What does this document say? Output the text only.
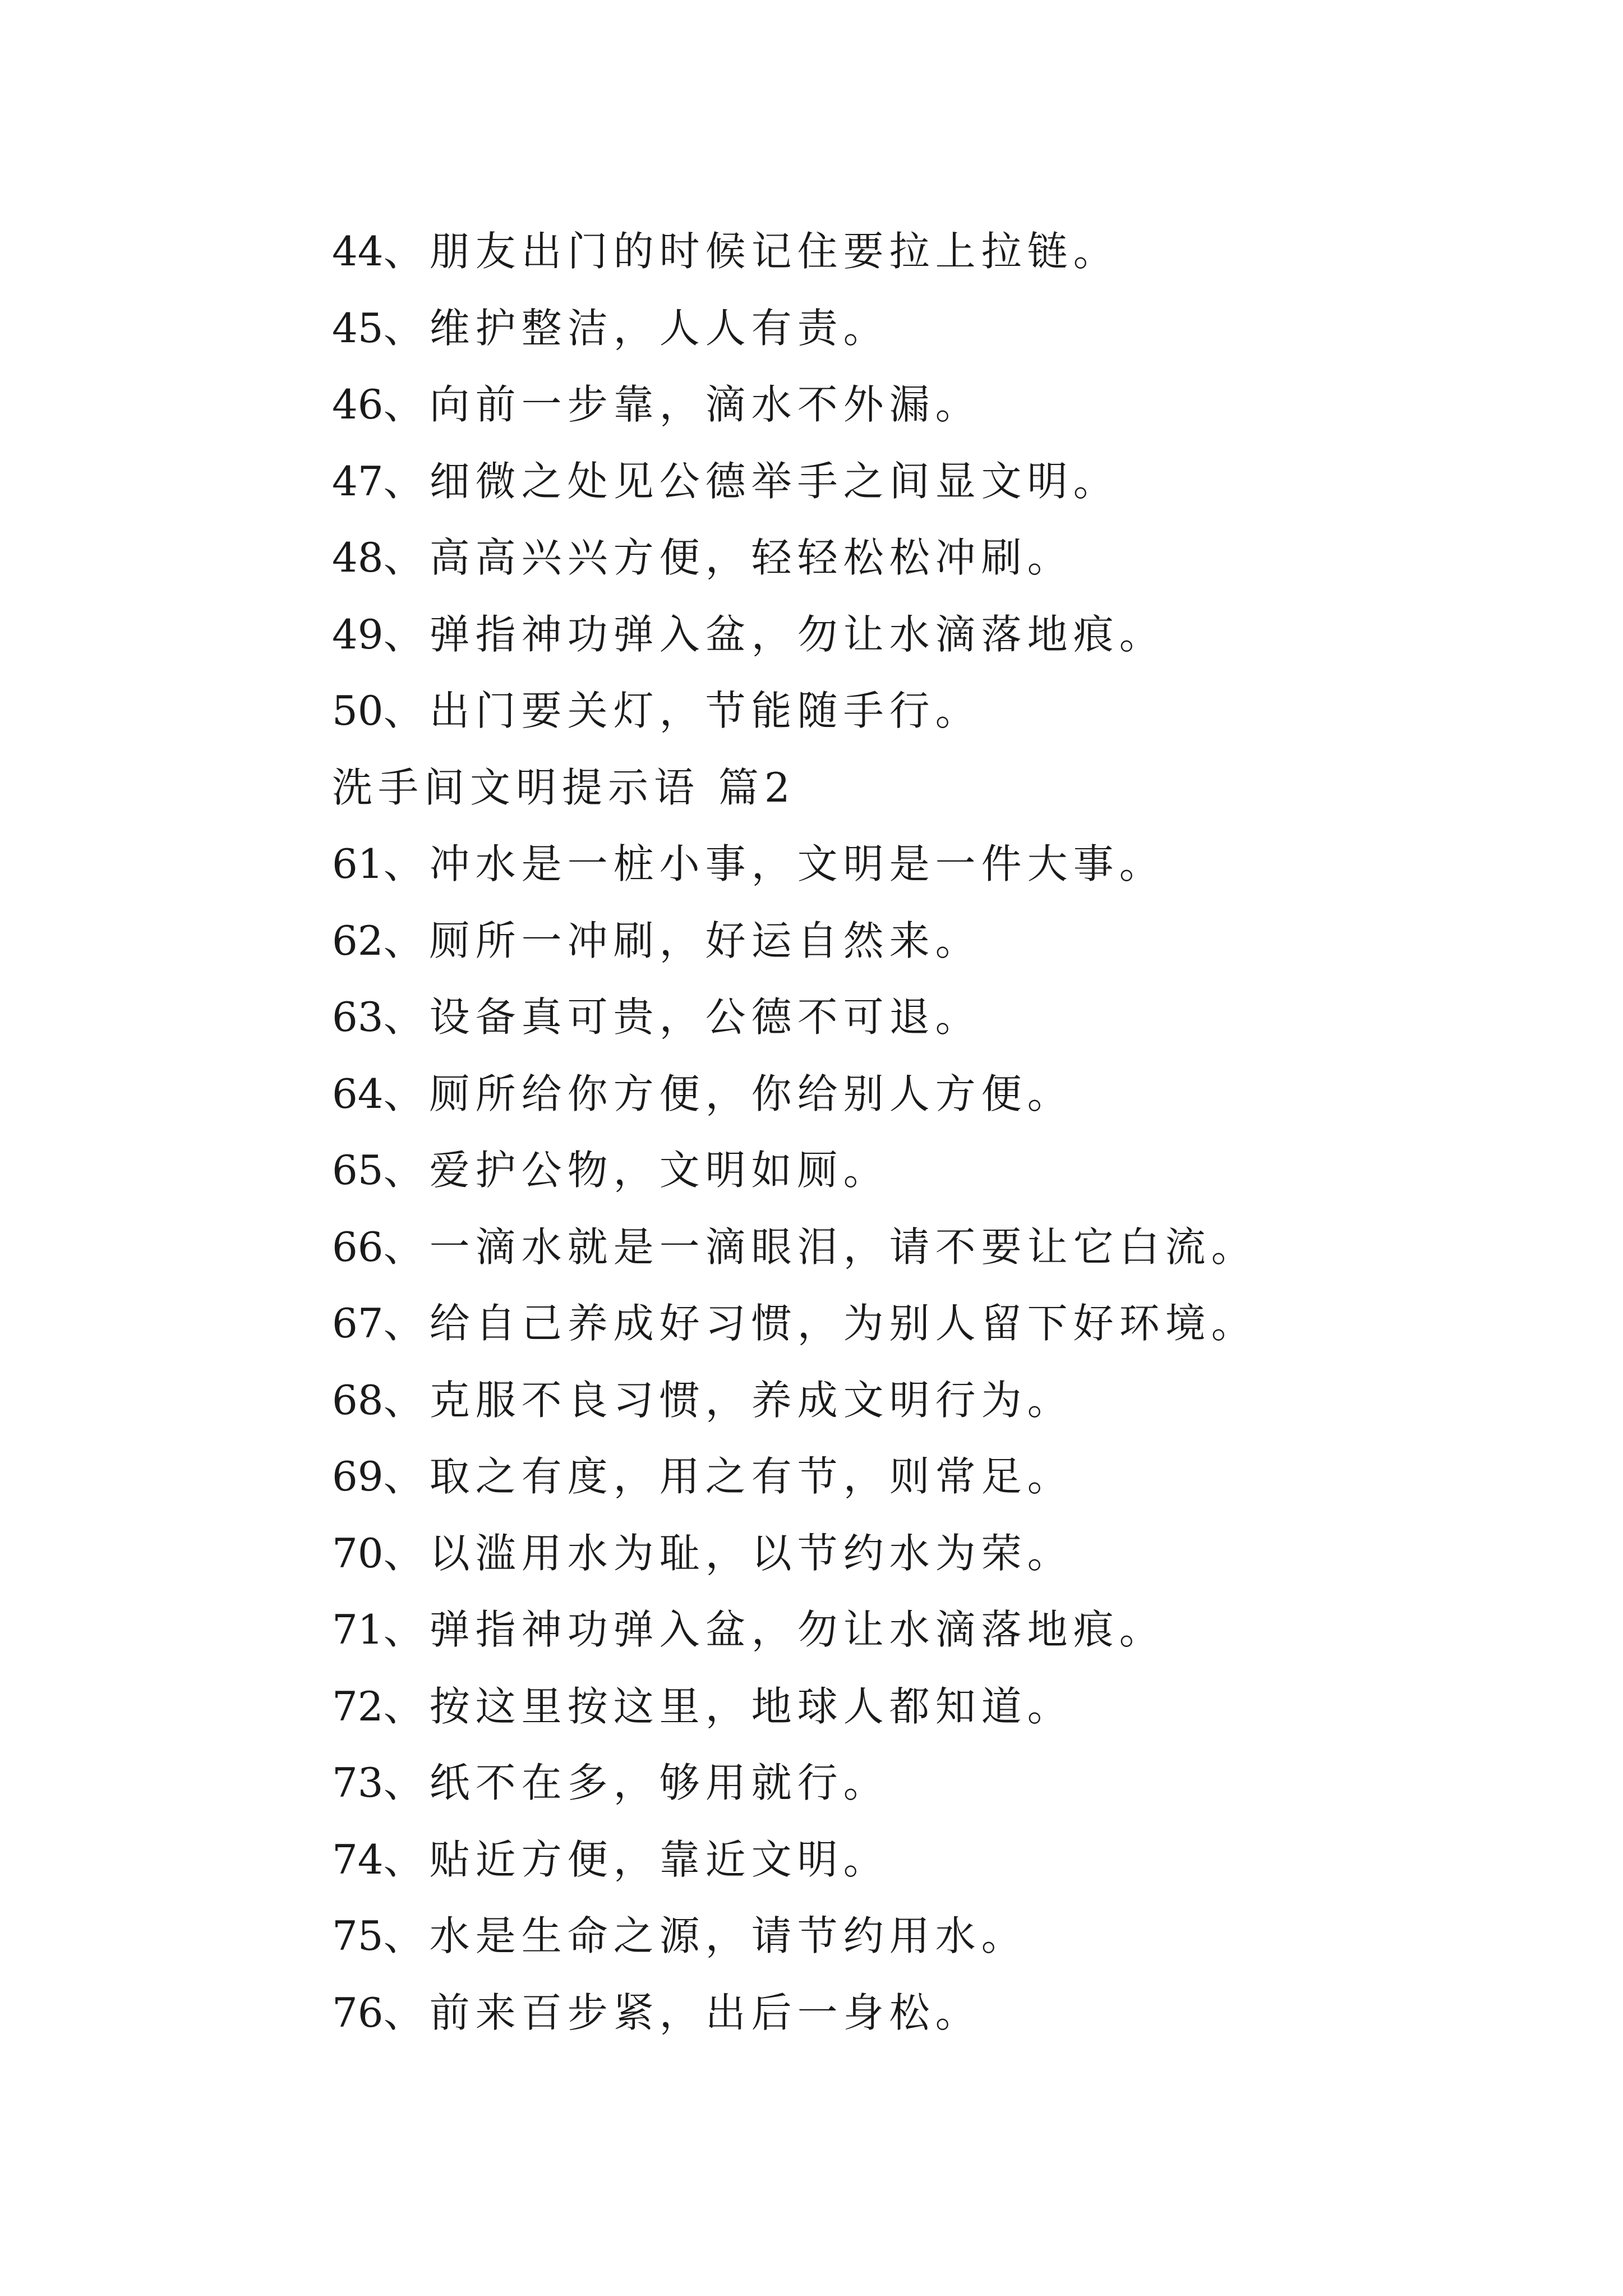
44、朋友出门的时候记住要拉上拉链。
45、维护整洁，人人有责。
46、向前一步靠，滴水不外漏。
47、细微之处见公德举手之间显文明。
48、高高兴兴方便，轻轻松松冲刷。
49、弹指神功弹入盆，勿让水滴落地痕。
50、出门要关灯，节能随手行。
洗手间文明提示语 篇2
61、冲水是一桩小事，文明是一件大事。
62、厕所一冲刷，好运自然来。
63、设备真可贵，公德不可退。
64、厕所给你方便，你给别人方便。
65、爱护公物，文明如厕。
66、一滴水就是一滴眼泪，请不要让它白流。
67、给自己养成好习惯，为别人留下好环境。
68、克服不良习惯，养成文明行为。
69、取之有度，用之有节，则常足。
70、以滥用水为耻，以节约水为荣。
71、弹指神功弹入盆，勿让水滴落地痕。
72、按这里按这里，地球人都知道。
73、纸不在多，够用就行。
74、贴近方便，靠近文明。
75、水是生命之源，请节约用水。
76、前来百步紧，出后一身松。
